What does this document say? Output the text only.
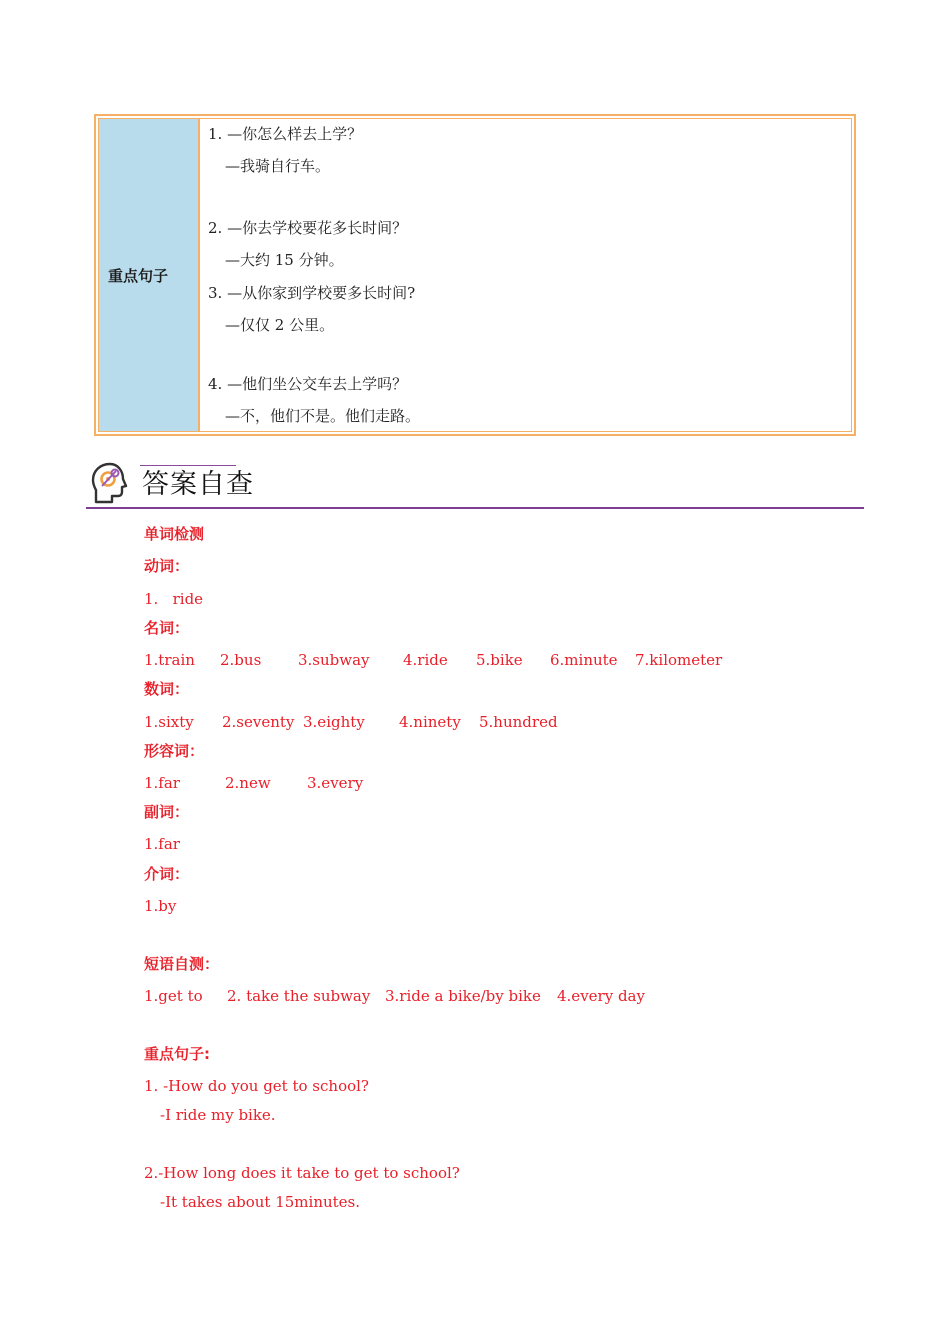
重点句子
1. —你怎么样去上学？
—我骑自行车。
2. —你去学校要花多长时间？
—大约 15 分钟。
3. —从你家到学校要多长时间?
—仅仅 2 公里。
4. —他们坐公交车去上学吗？
—不，他们不是。他们走路。
答案自查
单词检测
动词：
1.   ride
名词：
1.train 2.bus 3.subway 4.ride 5.bike 6.minute 7.kilometer
数词：
1.sixty 2.seventy 3.eighty 4.ninety 5.hundred
形容词：
1.far	2.new 3.every
副词：
1.far
介词：
1.by
短语自测：
1.get to 2. take the subway 3.ride a bike/by bike 4.every day
重点句子:
1. -How do you get to school?
-I ride my bike.
2.-How long does it take to get to school?
-It takes about 15minutes.
